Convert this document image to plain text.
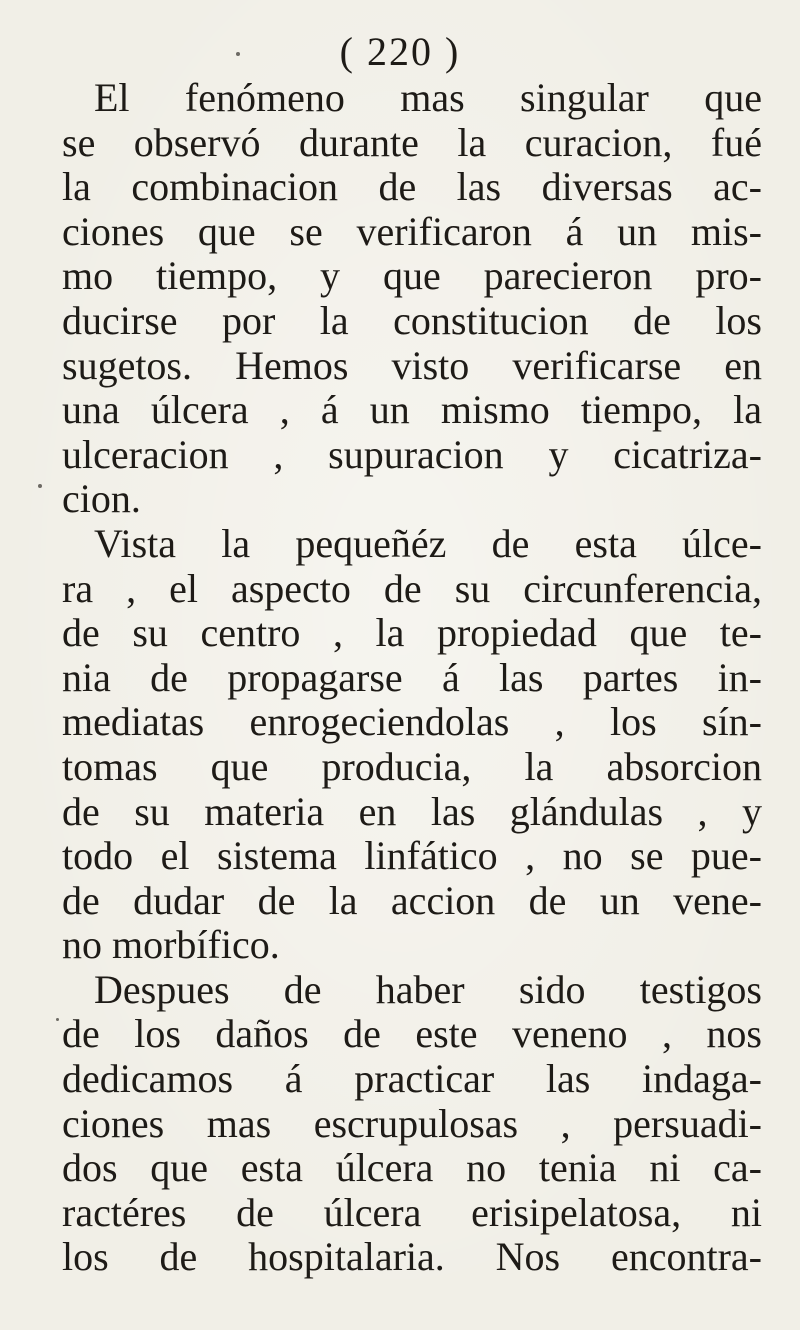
( 220 )
El fenómeno mas singular que
se observó durante la curacion, fué
la combinacion de las diversas ac-
ciones que se verificaron á un mis-
mo tiempo, y que parecieron pro-
ducirse por la constitucion de los
sugetos. Hemos visto verificarse en
una úlcera , á un mismo tiempo, la
ulceracion , supuracion y cicatriza-
cion.
Vista la pequeñéz de esta úlce-
ra , el aspecto de su circunferencia,
de su centro , la propiedad que te-
nia de propagarse á las partes in-
mediatas enrogeciendolas , los sín-
tomas que producia, la absorcion
de su materia en las glándulas , y
todo el sistema linfático , no se pue-
de dudar de la accion de un vene-
no morbífico.
Despues de haber sido testigos
de los daños de este veneno , nos
dedicamos á practicar las indaga-
ciones mas escrupulosas , persuadi-
dos que esta úlcera no tenia ni ca-
ractéres de úlcera erisipelatosa, ni
los de hospitalaria. Nos encontra-
